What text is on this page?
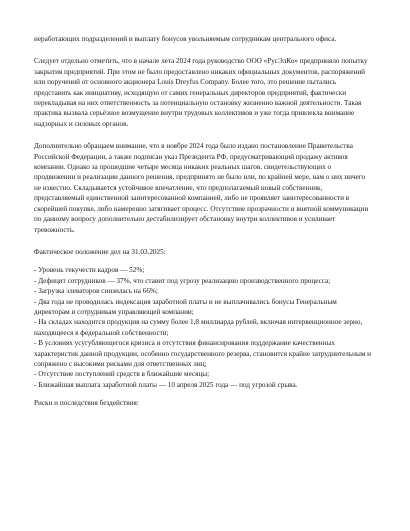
неработающих подразделений и выплату бонусов увольняемым сотрудникам центрального офиса.

Следует отдельно отметить, что в начале лета 2024 года руководство ООО «РусЭлКо» предприняло попытку закрытия предприятий. При этом не было предоставлено никаких официальных документов, распоряжений или поручений от основного акционера Louis Dreyfus Company. Более того, это решение пытались представить как инициативу, исходящую от самих генеральных директоров предприятий, фактически перекладывая на них ответственность за потенциальную остановку жизненно важной деятельности. Такая практика вызвала серьёзное возмущение внутри трудовых коллективов и уже тогда привлекла внимание надзорных и силовых органов.

Дополнительно обращаем внимание, что в ноябре 2024 года было издано постановление Правительства Российской Федерации, а также подписан указ Президента РФ, предусматривающий продажу активов компании. Однако за прошедшие четыре месяца никаких реальных шагов, свидетельствующих о продвижении и реализации данного решения, предпринято не было или, по крайней мере, нам о них ничего не известно. Складывается устойчивое впечатление, что предполагаемый новый собственник, представляемый единственной заинтересованной компанией, либо не проявляет заинтересованности в скорейшей покупке, либо намеренно затягивает процесс. Отсутствие прозрачности и внятной коммуникации по данному вопросу дополнительно дестабилизирует обстановку внутри коллективов и усиливает тревожность.

Фактическое положение дел на 31.03.2025:

- Уровень текучести кадров — 52%;
- Дефицит сотрудников — 37%, что ставит под угрозу реализацию производственного процесса;
- Загрузка элеваторов снизилась на 66%;
- Два года не проводилась индексация заработной платы и не выплачивались бонусы Генеральным директорам и сотрудникам управляющей компании;
- На складах находится продукция на сумму более 1,8 миллиарда рублей, включая интервенционное зерно, находящееся в федеральной собственности;
- В условиях усугубляющегося кризиса и отсутствия финансирования поддержание качественных характеристик данной продукции, особенно государственного резерва, становится крайне затруднительным и сопряжено с высокими рисками для ответственных лиц;
- Отсутствие поступлений средств в ближайшие месяцы;
- Ближайшая выплата заработной платы — 10 апреля 2025 года — под угрозой срыва.

Риски и последствия бездействия:
